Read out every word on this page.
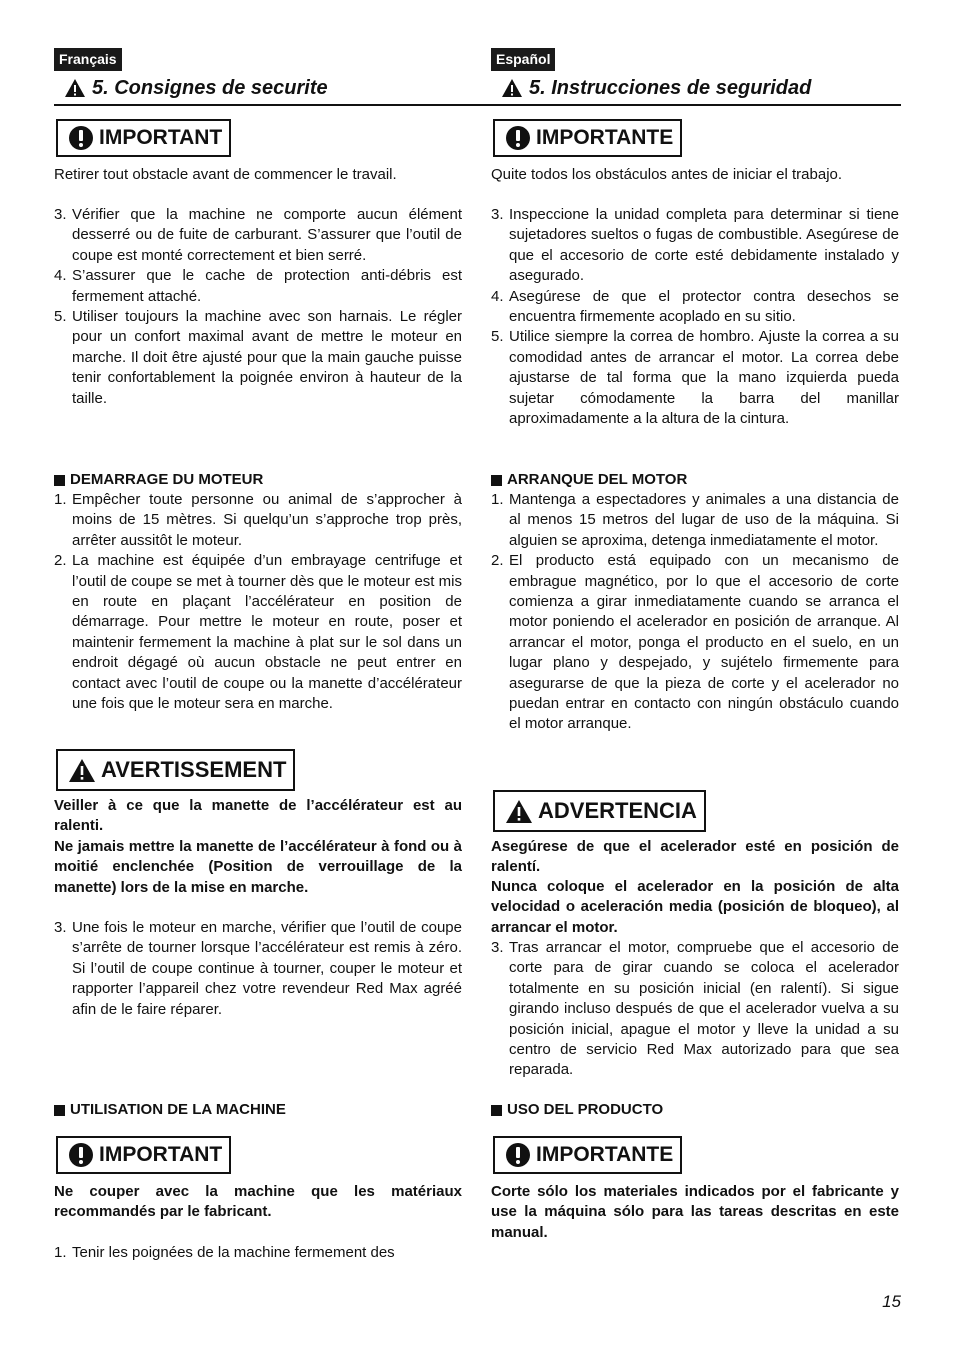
Français
5. Consignes de securite
IMPORTANT

Retirer tout obstacle avant de commencer le travail.

3. Vérifier que la machine ne comporte aucun élément desserré ou de fuite de carburant. S’assurer que l’outil de coupe est monté correctement et bien serré.
4. S’assurer que le cache de protection anti-débris est fermement attaché.
5. Utiliser toujours la machine avec son harnais. Le régler pour un confort maximal avant de mettre le moteur en marche. Il doit être ajusté pour que la main gauche puisse tenir confortablement la poignée environ à hauteur de la taille.
DEMARRAGE DU MOTEUR
1. Empêcher toute personne ou animal de s’approcher à moins de 15 mètres. Si quelqu’un s’approche trop près, arrêter aussitôt le moteur.
2. La machine est équipée d’un embrayage centrifuge et l’outil de coupe se met à tourner dès que le moteur est mis en route en plaçant l’accélérateur en position de démarrage. Pour mettre le moteur en route, poser et maintenir fermement la machine à plat sur le sol dans un endroit dégagé où aucun obstacle ne peut entrer en contact avec l’outil de coupe ou la manette d’accélérateur une fois que le moteur sera en marche.
AVERTISSEMENT

Veiller à ce que la manette de l’accélérateur est au ralenti.

Ne jamais mettre la manette de l’accélérateur à fond ou à moitié enclenchée (Position de verrouillage de la manette) lors de la mise en marche.

3. Une fois le moteur en marche, vérifier que l’outil de coupe s’arrête de tourner lorsque l’accélérateur est remis à zéro. Si l’outil de coupe continue à tourner, couper le moteur et rapporter l’appareil chez votre revendeur Red Max agréé afin de le faire réparer.
UTILISATION DE LA MACHINE
IMPORTANT

Ne couper avec la machine que les matériaux recommandés par le fabricant.

1. Tenir les poignées de la machine fermement des
Español
5. Instrucciones de seguridad
IMPORTANTE

Quite todos los obstáculos antes de iniciar el trabajo.

3. Inspeccione la unidad completa para determinar si tiene sujetadores sueltos o fugas de combustible. Asegúrese de que el accesorio de corte esté debidamente instalado y asegurado.
4. Asegúrese de que el protector contra desechos se encuentra firmemente acoplado en su sitio.
5. Utilice siempre la correa de hombro. Ajuste la correa a su comodidad antes de arrancar el motor. La correa debe ajustarse de tal forma que la mano izquierda pueda sujetar cómodamente la barra del manillar aproximadamente a la altura de la cintura.
ARRANQUE DEL MOTOR
1. Mantenga a espectadores y animales a una distancia de al menos 15 metros del lugar de uso de la máquina. Si alguien se aproxima, detenga inmediatamente el motor.
2. El producto está equipado con un mecanismo de embrague magnético, por lo que el accesorio de corte comienza a girar inmediatamente cuando se arranca el motor poniendo el acelerador en posición de arranque. Al arrancar el motor, ponga el producto en el suelo, en un lugar plano y despejado, y sujételo firmemente para asegurarse de que la pieza de corte y el acelerador no puedan entrar en contacto con ningún obstáculo cuando el motor arranque.
ADVERTENCIA

Asegúrese de que el acelerador esté en posición de ralentí.

Nunca coloque el acelerador en la posición de alta velocidad o aceleración media (posición de bloqueo), al arrancar el motor.

3. Tras arrancar el motor, compruebe que el accesorio de corte para de girar cuando se coloca el acelerador totalmente en su posición inicial (en ralentí). Si sigue girando incluso después de que el acelerador vuelva a su posición inicial, apague el motor y lleve la unidad a su centro de servicio Red Max autorizado para que sea reparada.
USO DEL PRODUCTO
IMPORTANTE

Corte sólo los materiales indicados por el fabricante y use la máquina sólo para las tareas descritas en este manual.

15
